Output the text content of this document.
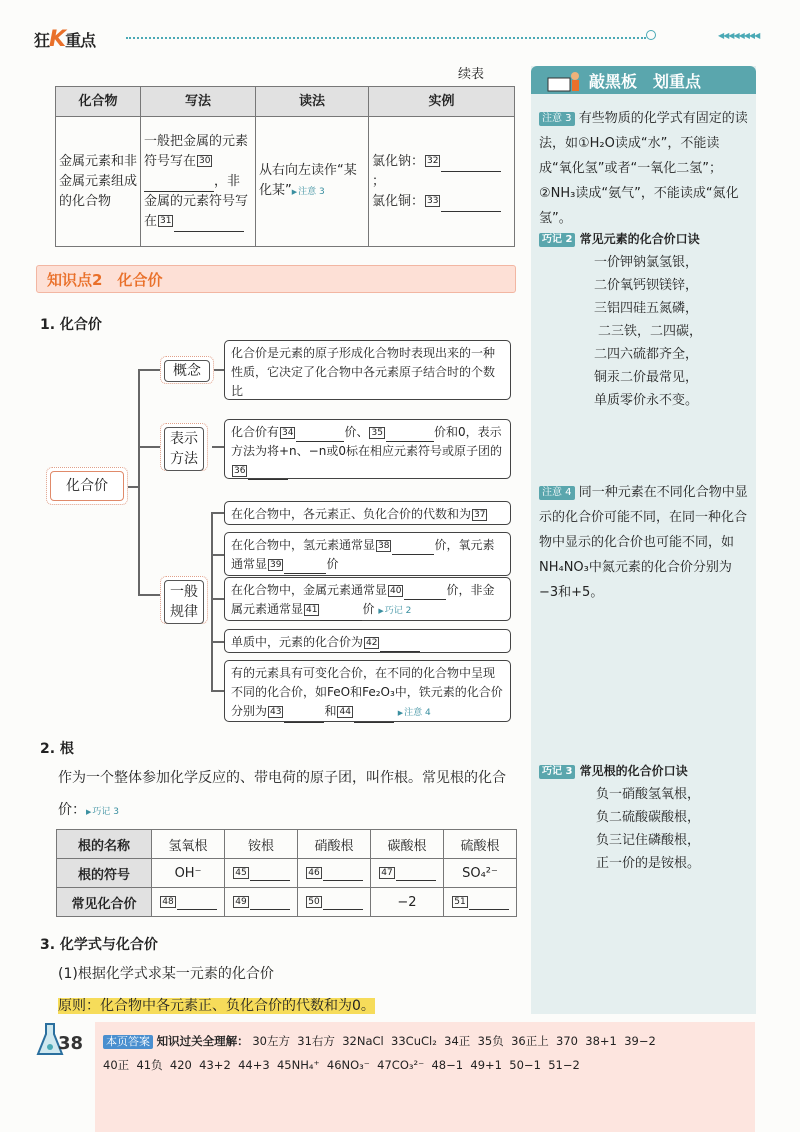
狂K重点	◀◀◀◀◀◀◀◀
续表
化合物	写法	读法	实例
金属元素和非金属元素组成的化合物	一般把金属的元素符号写在 30，非金属的元素符号写在 31	从右向左读作“某化某” ▶ 注意 3	氯化钠： 32；
氯化铜： 33
知识点2　化合价
1. 化合价
化合价
概念
化合价是元素的原子形成化合物时表现出来的一种性质，它决定了化合物中各元素原子结合时的个数比
表示方法
化合价有 34	价、 35	价和0，表示方法为将+n、−n或0标在相应元素符号或原子团的36
一般规律
在化合物中，各元素正、负化合价的代数和为 37
在化合物中，氢元素通常显 38	价，氧元素通常显 39	价
在化合物中，金属元素通常显 40	价，非金属元素通常显 41	价 ▶ 巧记 2
单质中，元素的化合价为 42
有的元素具有可变化合价，在不同的化合物中呈现不同的化合价，如FeO和Fe₂O₃中，铁元素的化合价分别为 43	和 44	▶ 注意 4
2. 根
作为一个整体参加化学反应的、带电荷的原子团，叫作根。常见根的化合价： ▶ 巧记 3
根的名称	氢氧根	铵根	硝酸根	碳酸根	硫酸根
根的符号	OH⁻	45	46	47	SO₄²⁻
常见化合价	48	49	50	−2	51
3. 化学式与化合价
(1)根据化学式求某一元素的化合价
原则：化合物中各元素正、负化合价的代数和为0。
敲黑板　划重点
注意 3 有些物质的化学式有固定的读法，如①H₂O读成“水”，不能读成“氧化氢”或者“一氧化二氢”；②NH₃读成“氨气”，不能读成“氮化氢”。
巧记 2 常见元素的化合价口诀
一价钾钠氯氢银，
二价氧钙钡镁锌，
三铝四硅五氮磷，
二三铁，二四碳，
二四六硫都齐全，
铜汞二价最常见，
单质零价永不变。
注意 4 同一种元素在不同化合物中显示的化合价可能不同，在同一种化合物中显示的化合价也可能不同，如NH₄NO₃中氮元素的化合价分别为−3和+5。
巧记 3 常见根的化合价口诀
负一硝酸氢氧根，
负二硫酸碳酸根，
负三记住磷酸根，
正一价的是铵根。
38 本页答案 知识过关全理解： 30左方 31右方 32NaCl 33CuCl₂ 34正 35负 36正上 370 38+1 39−2
40正 41负 420 43+2 44+3 45NH₄⁺ 46NO₃⁻ 47CO₃²⁻ 48−1 49+1 50−1 51−2
